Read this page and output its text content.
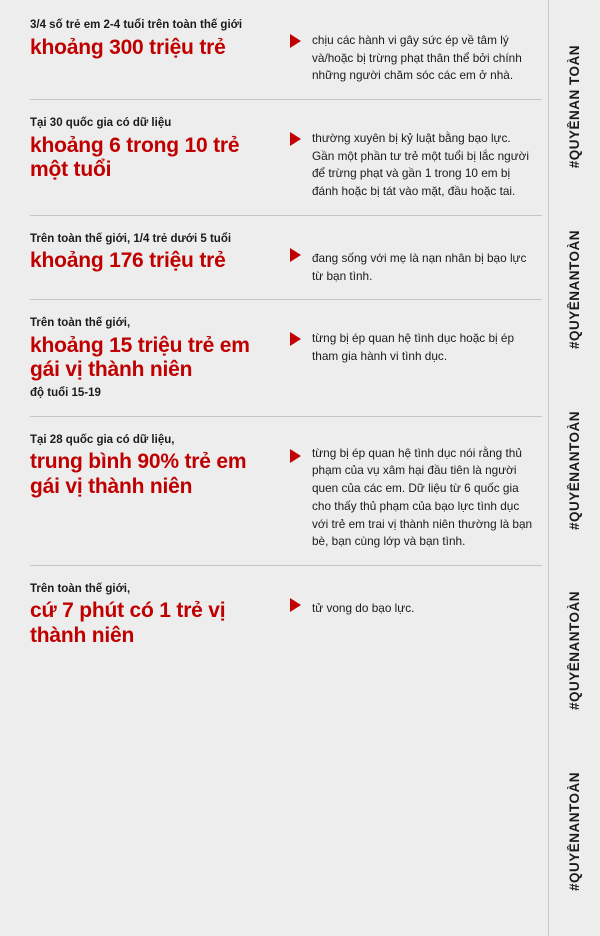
3/4 số trẻ em 2-4 tuổi trên toàn thế giới
khoảng 300 triệu trẻ	chịu các hành vi gây sức ép về tâm lý và/hoặc bị trừng phạt thân thể bởi chính những người chăm sóc các em ở nhà.
Tại 30 quốc gia có dữ liệu
khoảng 6 trong 10 trẻ một tuổi
thường xuyên bị kỷ luật bằng bạo lực. Gần một phần tư trẻ một tuổi bị lắc người để trừng phạt và gần 1 trong 10 em bị đánh hoặc bị tát vào mặt, đầu hoặc tai.
Trên toàn thế giới, 1/4 trẻ dưới 5 tuổi
khoảng 176 triệu trẻ	đang sống với mẹ là nạn nhân bị bạo lực từ bạn tình.
Trên toàn thế giới,
khoảng 15 triệu trẻ em gái vị thành niên
độ tuổi 15-19
từng bị ép quan hệ tình dục hoặc bị ép tham gia hành vi tình dục.
Tại 28 quốc gia có dữ liệu,
trung bình 90% trẻ em gái vị thành niên
từng bị ép quan hệ tình dục nói rằng thủ phạm của vụ xâm hại đầu tiên là người quen của các em. Dữ liệu từ 6 quốc gia cho thấy thủ phạm của bạo lực tình dục với trẻ em trai vị thành niên thường là bạn bè, bạn cùng lớp và bạn tình.
Trên toàn thế giới,
cứ 7 phút có 1 trẻ vị thành niên
tử vong do bạo lực.
#QUYỀNAN TOÀN
#QUYỀNANTOÀN
#QUYỀNANTOÀN
#QUYỀNANTOÀN
#QUYỀNANTOÀN
